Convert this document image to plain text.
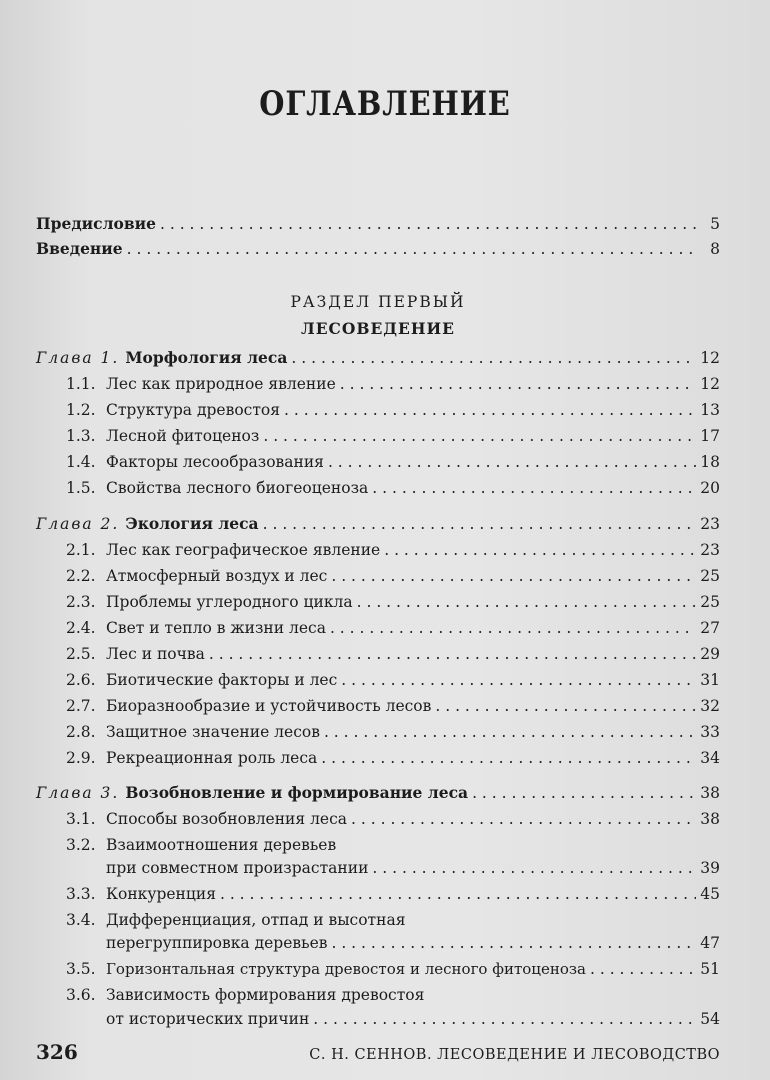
ОГЛАВЛЕНИЕ
Предисловие . . .	5
Введение . . .	8
РАЗДЕЛ ПЕРВЫЙ
ЛЕСОВЕДЕНИЕ
Глава 1. Морфология леса . . .	12
1.1. Лес как природное явление . . .	12
1.2. Структура древостоя . . .	13
1.3. Лесной фитоценоз . . .	17
1.4. Факторы лесообразования . . .	18
1.5. Свойства лесного биогеоценоза . . .	20
Глава 2. Экология леса . . .	23
2.1. Лес как географическое явление . . .	23
2.2. Атмосферный воздух и лес . . .	25
2.3. Проблемы углеродного цикла . . .	25
2.4. Свет и тепло в жизни леса . . .	27
2.5. Лес и почва . . .	29
2.6. Биотические факторы и лес . . .	31
2.7. Биоразнообразие и устойчивость лесов . . .	32
2.8. Защитное значение лесов . . .	33
2.9. Рекреационная роль леса . . .	34
Глава 3. Возобновление и формирование леса . . .	38
3.1. Способы возобновления леса . . .	38
3.2. Взаимоотношения деревьев
при совместном произрастании . . .	39
3.3. Конкуренция . . .	45
3.4. Дифференциация, отпад и высотная
перегруппировка деревьев . . .	47
3.5. Горизонтальная структура древостоя и лесного фитоценоза . . .	51
3.6. Зависимость формирования древостоя
от исторических причин . . .	54
326	С. Н. СЕННОВ. ЛЕСОВЕДЕНИЕ И ЛЕСОВОДСТВО
